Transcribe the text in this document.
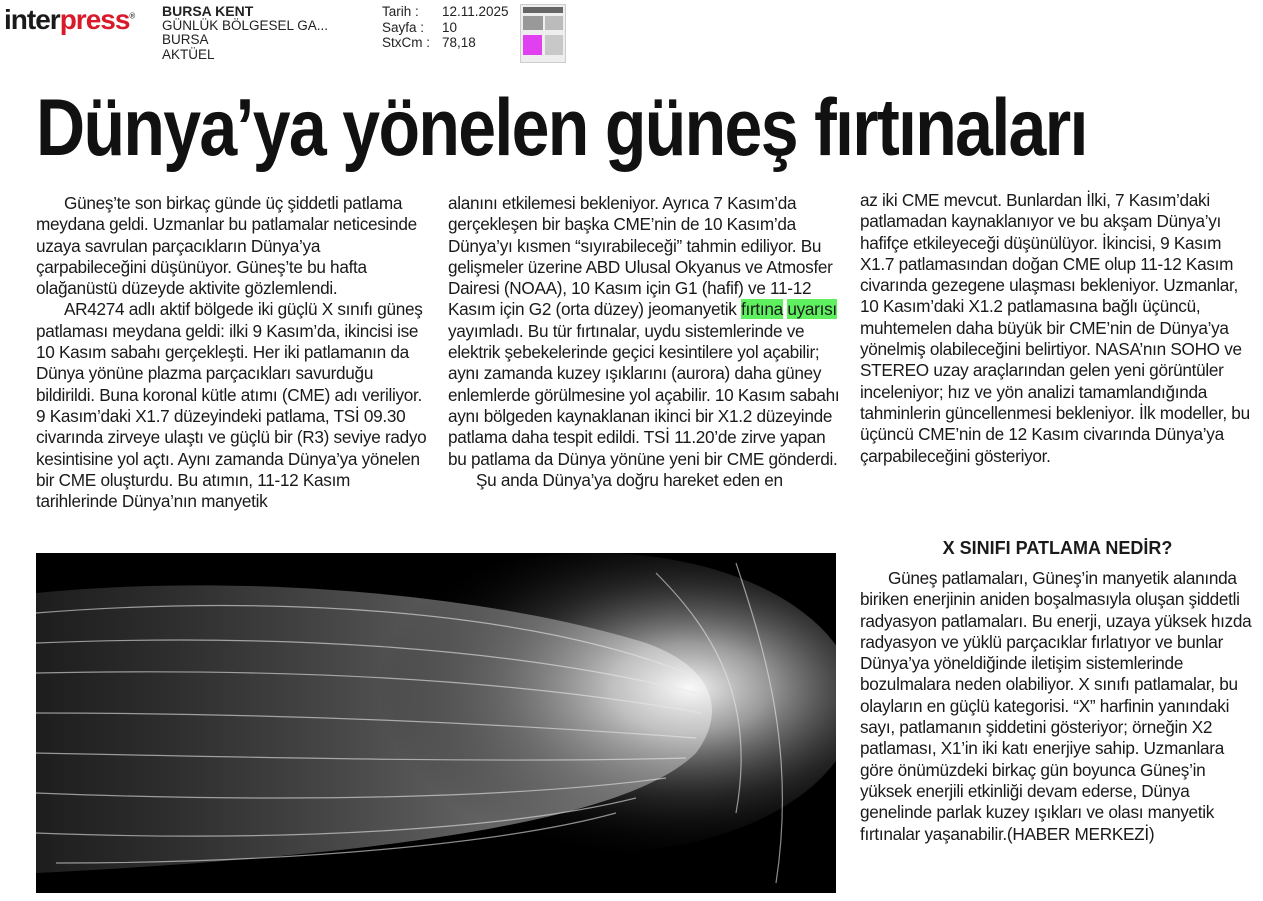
interpress® BURSA KENT
GÜNLÜK BÖLGESEL GA...
BURSA
AKTÜEL
Tarih :	12.11.2025
Sayfa :	10
StxCm : 78,18
Dünya’ya yönelen güneş fırtınaları

Güneş’te son birkaç günde üç şiddetli patlama meydana geldi. Uzmanlar bu patlamalar neticesinde uzaya savrulan parçacıkların Dünya’ya çarpabileceğini düşünüyor. Güneş’te bu hafta olağanüstü düzeyde aktivite gözlemlendi.

AR4274 adlı aktif bölgede iki güçlü X sınıfı güneş patlaması meydana geldi: ilki 9 Kasım’da, ikincisi ise 10 Kasım sabahı gerçekleşti. Her iki patlamanın da Dünya yönüne plazma parçacıkları savurduğu bildirildi. Buna koronal kütle atımı (CME) adı veriliyor. 9 Kasım’daki X1.7 düzeyindeki patlama, TSİ 09.30 civarında zirveye ulaştı ve güçlü bir (R3) seviye radyo kesintisine yol açtı. Aynı zamanda Dünya’ya yönelen bir CME oluşturdu. Bu atımın, 11-12 Kasım tarihlerinde Dünya’nın manyetik

alanını etkilemesi bekleniyor. Ayrıca 7 Kasım’da gerçekleşen bir başka CME’nin de 10 Kasım’da Dünya’yı kısmen “sıyırabileceği” tahmin ediliyor. Bu gelişmeler üzerine ABD Ulusal Okyanus ve Atmosfer Dairesi (NOAA), 10 Kasım için G1 (hafif) ve 11-12 Kasım için G2 (orta düzey) jeomanyetik fırtına uyarısı yayımladı. Bu tür fırtınalar, uydu sistemlerinde ve elektrik şebekelerinde geçici kesintilere yol açabilir; aynı zamanda kuzey ışıklarını (aurora) daha güney enlemlerde görülmesine yol açabilir. 10 Kasım sabahı aynı bölgeden kaynaklanan ikinci bir X1.2 düzeyinde patlama daha tespit edildi. TSİ 11.20’de zirve yapan bu patlama da Dünya yönüne yeni bir CME gönderdi.

Şu anda Dünya’ya doğru hareket eden en

az iki CME mevcut. Bunlardan İlki, 7 Kasım’daki patlamadan kaynaklanıyor ve bu akşam Dünya’yı hafifçe etkileyeceği düşünülüyor. İkincisi, 9 Kasım X1.7 patlamasından doğan CME olup 11-12 Kasım civarında gezegene ulaşması bekleniyor. Uzmanlar, 10 Kasım’daki X1.2 patlamasına bağlı üçüncü, muhtemelen daha büyük bir CME’nin de Dünya’ya yönelmiş olabileceğini belirtiyor. NASA’nın SOHO ve STEREO uzay araçlarından gelen yeni görüntüler inceleniyor; hız ve yön analizi tamamlandığında tahminlerin güncellenmesi bekleniyor. İlk modeller, bu üçüncü CME’nin de 12 Kasım civarında Dünya’ya çarpabileceğini gösteriyor.

X SINIFI PATLAMA NEDİR?

Güneş patlamaları, Güneş’in manyetik alanında biriken enerjinin aniden boşalmasıyla oluşan şiddetli radyasyon patlamaları. Bu enerji, uzaya yüksek hızda radyasyon ve yüklü parçacıklar fırlatıyor ve bunlar Dünya’ya yöneldiğinde iletişim sistemlerinde bozulmalara neden olabiliyor. X sınıfı patlamalar, bu olayların en güçlü kategorisi. “X” harfinin yanındaki sayı, patlamanın şiddetini gösteriyor; örneğin X2 patlaması, X1’in iki katı enerjiye sahip. Uzmanlara göre önümüzdeki birkaç gün boyunca Güneş’in yüksek enerjili etkinliği devam ederse, Dünya genelinde parlak kuzey ışıkları ve olası manyetik fırtınalar yaşanabilir.(HABER MERKEZİ)
